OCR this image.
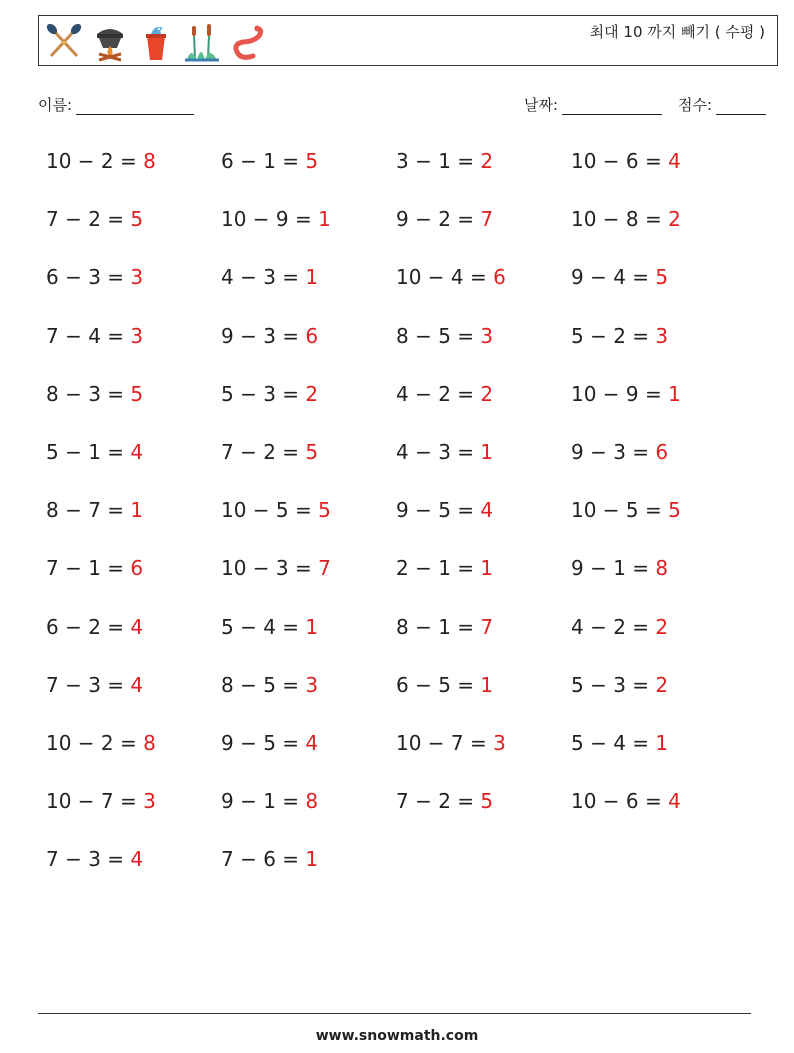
최대 10 까지 빼기 ( 수평 )
이름:	날짜:	점수:
10 − 2 = 8	6 − 1 = 5	3 − 1 = 2	10 − 6 = 4
7 − 2 = 5	10 − 9 = 1	9 − 2 = 7	10 − 8 = 2
6 − 3 = 3	4 − 3 = 1	10 − 4 = 6	9 − 4 = 5
7 − 4 = 3	9 − 3 = 6	8 − 5 = 3	5 − 2 = 3
8 − 3 = 5	5 − 3 = 2	4 − 2 = 2	10 − 9 = 1
5 − 1 = 4	7 − 2 = 5	4 − 3 = 1	9 − 3 = 6
8 − 7 = 1	10 − 5 = 5	9 − 5 = 4	10 − 5 = 5
7 − 1 = 6	10 − 3 = 7	2 − 1 = 1	9 − 1 = 8
6 − 2 = 4	5 − 4 = 1	8 − 1 = 7	4 − 2 = 2
7 − 3 = 4	8 − 5 = 3	6 − 5 = 1	5 − 3 = 2
10 − 2 = 8	9 − 5 = 4	10 − 7 = 3	5 − 4 = 1
10 − 7 = 3	9 − 1 = 8	7 − 2 = 5	10 − 6 = 4
7 − 3 = 4	7 − 6 = 1
www.snowmath.com
